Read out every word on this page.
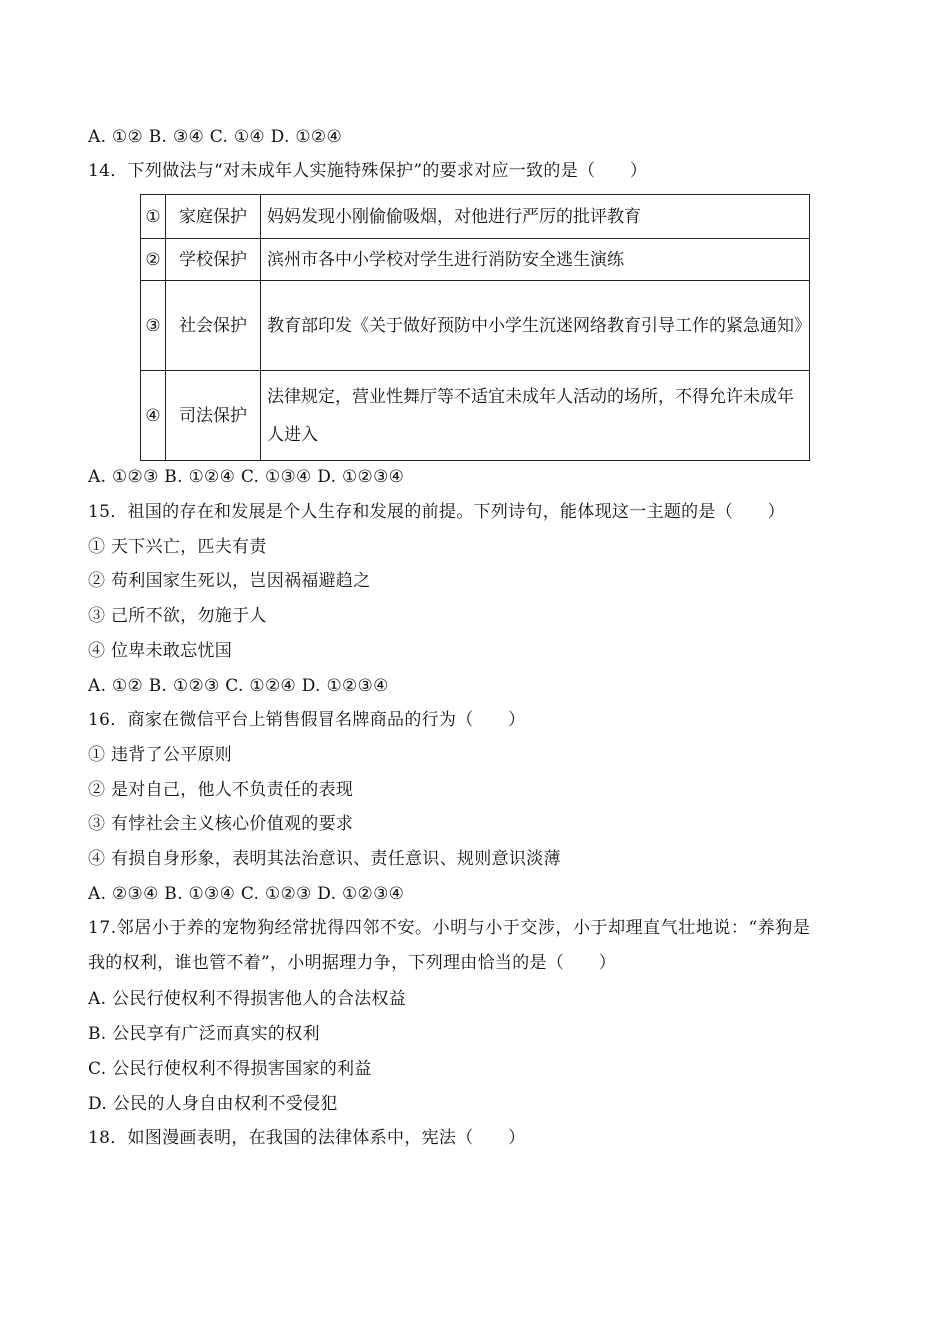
A. ①② B. ③④ C. ①④ D. ①②④
14．下列做法与“对未成年人实施特殊保护”的要求对应一致的是（　　）
①	家庭保护	妈妈发现小刚偷偷吸烟，对他进行严厉的批评教育
②	学校保护	滨州市各中小学校对学生进行消防安全逃生演练
③	社会保护	教育部印发《关于做好预防中小学生沉迷网络教育引导工作的紧急通知》
④	司法保护	法律规定，营业性舞厅等不适宜未成年人活动的场所，不得允许未成年人进入
A. ①②③ B. ①②④ C. ①③④ D. ①②③④
15．祖国的存在和发展是个人生存和发展的前提。下列诗句，能体现这一主题的是（　　）
① 天下兴亡，匹夫有责
② 苟利国家生死以，岂因祸福避趋之
③ 己所不欲，勿施于人
④ 位卑未敢忘忧国
A. ①② B. ①②③ C. ①②④ D. ①②③④
16．商家在微信平台上销售假冒名牌商品的行为（　　）
① 违背了公平原则
② 是对自己，他人不负责任的表现
③ 有悖社会主义核心价值观的要求
④ 有损自身形象，表明其法治意识、责任意识、规则意识淡薄
A. ②③④ B. ①③④ C. ①②③ D. ①②③④
17.邻居小于养的宠物狗经常扰得四邻不安。小明与小于交涉，小于却理直气壮地说：“养狗是
我的权利，谁也管不着”，小明据理力争，下列理由恰当的是（　　）
A. 公民行使权利不得损害他人的合法权益
B. 公民享有广泛而真实的权利
C. 公民行使权利不得损害国家的利益
D. 公民的人身自由权利不受侵犯
18．如图漫画表明，在我国的法律体系中，宪法（　　）
